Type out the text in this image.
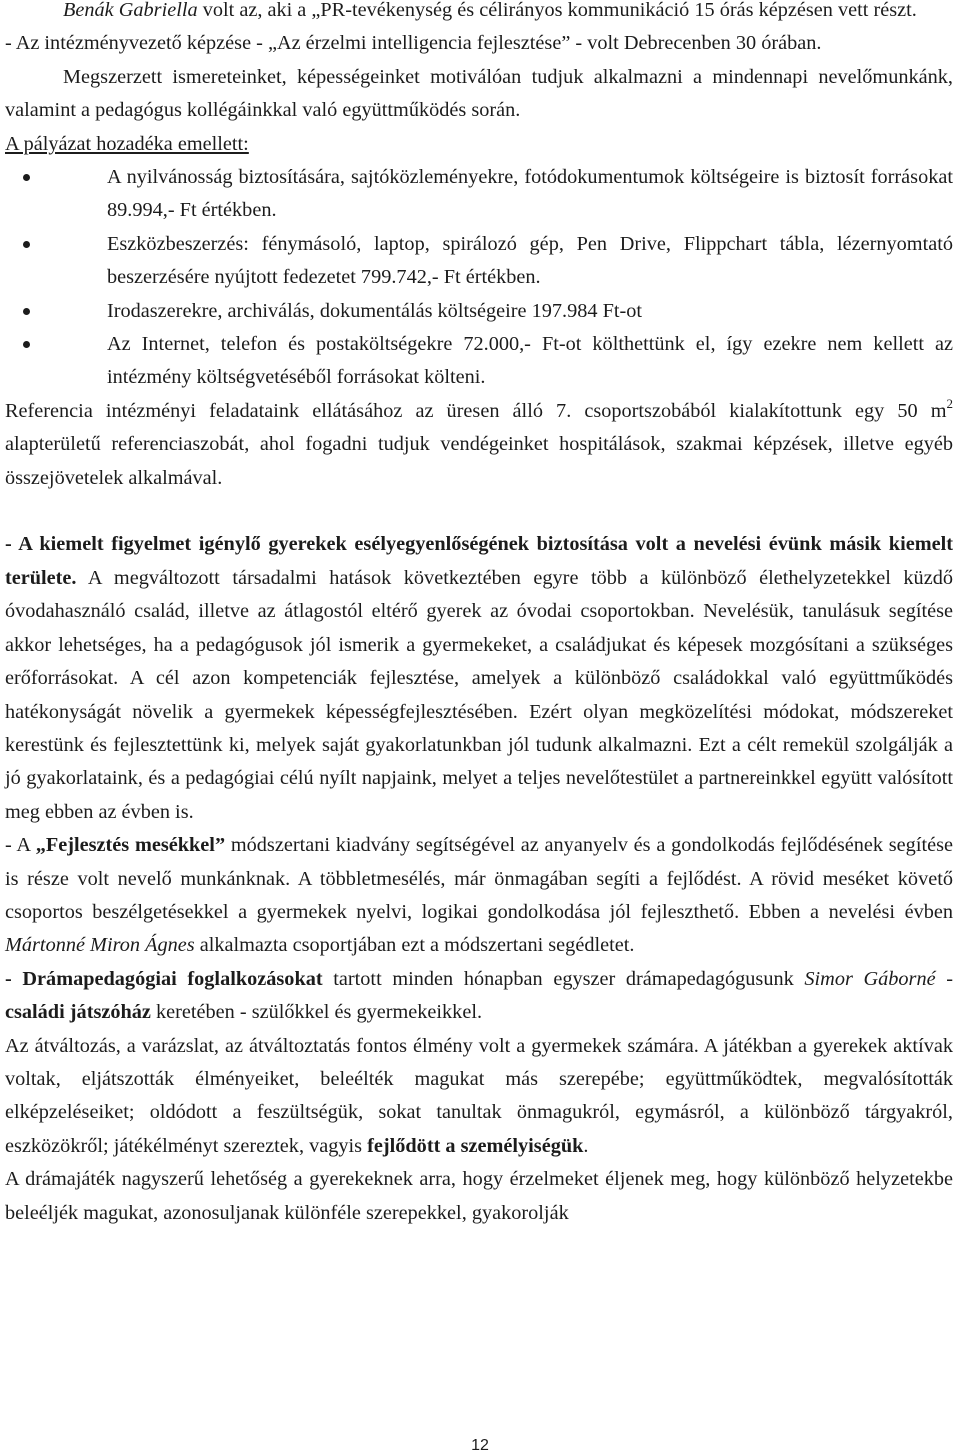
Benák Gabriella volt az, aki a „PR-tevékenység és célirányos kommunikáció 15 órás képzésen vett részt.

- Az intézményvezető képzése - „Az érzelmi intelligencia fejlesztése” - volt Debrecenben 30 órában.

Megszerzett ismereteinket, képességeinket motiválóan tudjuk alkalmazni a mindennapi nevelőmunkánk, valamint a pedagógus kollégáinkkal való együttműködés során.

A pályázat hozadéka emellett:

A nyilvánosság biztosítására, sajtóközleményekre, fotódokumentumok költségeire is biztosít forrásokat 89.994,- Ft értékben.
Eszközbeszerzés: fénymásoló, laptop, spirálozó gép, Pen Drive, Flippchart tábla, lézernyomtató beszerzésére nyújtott fedezetet 799.742,- Ft értékben.
Irodaszerekre, archiválás, dokumentálás költségeire 197.984 Ft-ot
Az Internet, telefon és postaköltségekre 72.000,- Ft-ot költhettünk el, így ezekre nem kellett az intézmény költségvetéséből forrásokat költeni.

Referencia intézményi feladataink ellátásához az üresen álló 7. csoportszobából kialakítottunk egy 50 $m^2$ alapterületű referenciaszobát, ahol fogadni tudjuk vendégeinket hospitálások, szakmai képzések, illetve egyéb összejövetelek alkalmával.

- A kiemelt figyelmet igénylő gyerekek esélyegyenlőségének biztosítása volt a nevelési évünk másik kiemelt területe. A megváltozott társadalmi hatások következtében egyre több a különböző élethelyzetekkel küzdő óvodahasználó család, illetve az átlagostól eltérő gyerek az óvodai csoportokban. Nevelésük, tanulásuk segítése akkor lehetséges, ha a pedagógusok jól ismerik a gyermekeket, a családjukat és képesek mozgósítani a szükséges erőforrásokat. A cél azon kompetenciák fejlesztése, amelyek a különböző családokkal való együttműködés hatékonyságát növelik a gyermekek képességfejlesztésében. Ezért olyan megközelítési módokat, módszereket kerestünk és fejlesztettünk ki, melyek saját gyakorlatunkban jól tudunk alkalmazni. Ezt a célt remekül szolgálják a jó gyakorlataink, és a pedagógiai célú nyílt napjaink, melyet a teljes nevelőtestület a partnereinkkel együtt valósított meg ebben az évben is.

- A „Fejlesztés mesékkel” módszertani kiadvány segítségével az anyanyelv és a gondolkodás fejlődésének segítése is része volt nevelő munkánknak. A többletmesélés, már önmagában segíti a fejlődést. A rövid meséket követő csoportos beszélgetésekkel a gyermekek nyelvi, logikai gondolkodása jól fejleszthető. Ebben a nevelési évben Mártonné Miron Ágnes alkalmazta csoportjában ezt a módszertani segédletet.

- Drámapedagógiai foglalkozásokat tartott minden hónapban egyszer drámapedagógusunk Simor Gáborné - családi játszóház keretében - szülőkkel és gyermekeikkel.

Az átváltozás, a varázslat, az átváltoztatás fontos élmény volt a gyermekek számára. A játékban a gyerekek aktívak voltak, eljátszották élményeiket, beleélték magukat más szerepébe; együttműködtek, megvalósították elképzeléseiket; oldódott a feszültségük, sokat tanultak önmagukról, egymásról, a különböző tárgyakról, eszközökről; játékélményt szereztek, vagyis fejlődött a személyiségük.

A drámajáték nagyszerű lehetőség a gyerekeknek arra, hogy érzelmeket éljenek meg, hogy különböző helyzetekbe beleéljék magukat, azonosuljanak különféle szerepekkel, gyakorolják

12
